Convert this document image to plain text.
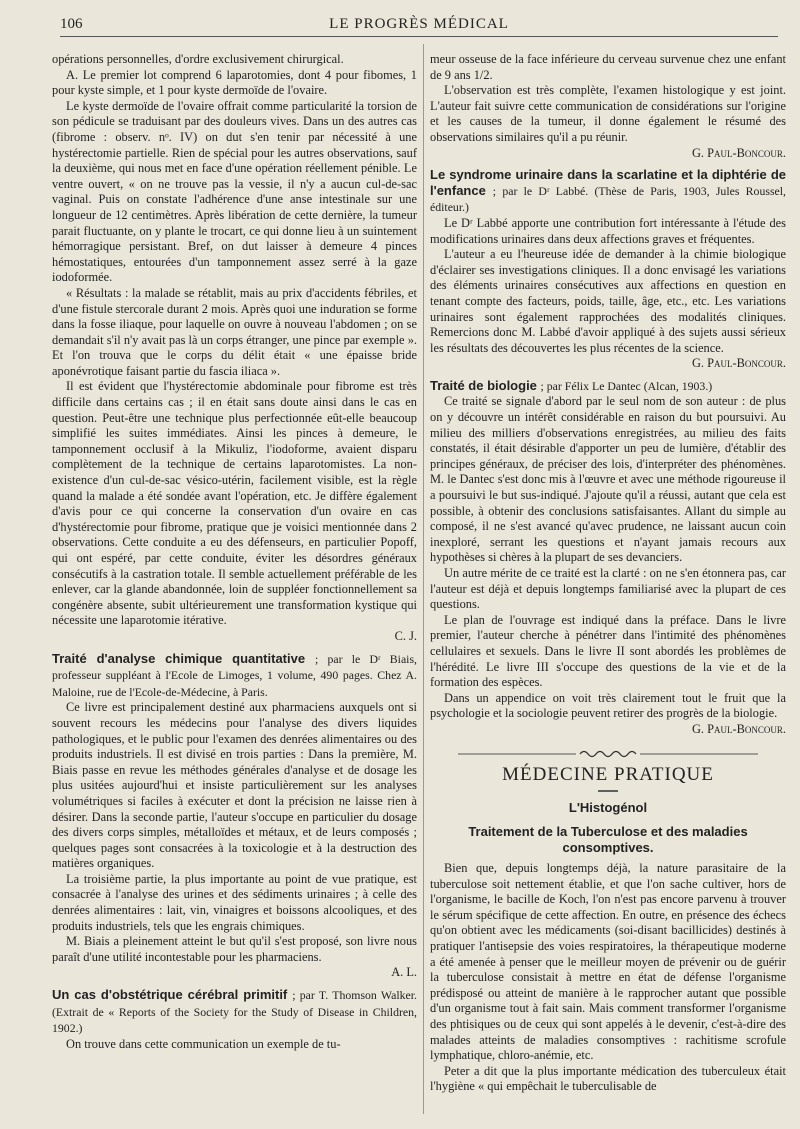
106	LE PROGRÈS MÉDICAL

opérations personnelles, d'ordre exclusivement chirurgical.

A. Le premier lot comprend 6 laparotomies, dont 4 pour fibomes, 1 pour kyste simple, et 1 pour kyste dermoïde de l'ovaire.

Le kyste dermoïde de l'ovaire offrait comme particularité la torsion de son pédicule se traduisant par des douleurs vives. Dans un des autres cas (fibrome : observ. nᵒ. IV) on dut s'en tenir par nécessité à une hystérectomie partielle. Rien de spécial pour les autres observations, sauf la deuxième, qui nous met en face d'une opération réellement pénible. Le ventre ouvert, « on ne trouve pas la vessie, il n'y a aucun cul-de-sac vaginal. Puis on constate l'adhérence d'une anse intestinale sur une longueur de 12 centimètres. Après libération de cette dernière, la tumeur parait fluctuante, on y plante le trocart, ce qui donne lieu à un suintement hémorragique persistant. Bref, on dut laisser à demeure 4 pinces hémostatiques, entourées d'un tamponnement assez serré à la gaze iodoformée.

« Résultats : la malade se rétablit, mais au prix d'accidents fébriles, et d'une fistule stercorale durant 2 mois. Après quoi une induration se forme dans la fosse iliaque, pour laquelle on ouvre à nouveau l'abdomen ; on se demandait s'il n'y avait pas là un corps étranger, une pince par exemple ». Et l'on trouva que le corps du délit était « une épaisse bride aponévrotique faisant partie du fascia iliaca ».

Il est évident que l'hystérectomie abdominale pour fibrome est très difficile dans certains cas ; il en était sans doute ainsi dans le cas en question. Peut-être une technique plus perfectionnée eût-elle beaucoup simplifié les suites immédiates. Ainsi les pinces à demeure, le tamponnement occlusif à la Mikuliz, l'iodoforme, avaient disparu complètement de la technique de certains laparotomistes. La non-existence d'un cul-de-sac vésico-utérin, facilement visible, est la règle quand la malade a été sondée avant l'opération, etc. Je diffère également d'avis pour ce qui concerne la conservation d'un ovaire en cas d'hystérectomie pour fibrome, pratique que je voisici mentionnée dans 2 observations. Cette conduite a eu des défenseurs, en particulier Popoff, qui ont espéré, par cette conduite, éviter les désordres généraux consécutifs à la castration totale. Il semble actuellement préférable de les enlever, car la glande abandonnée, loin de suppléer fonctionnellement sa congénère absente, subit ultérieurement une transformation kystique qui nécessite une laparotomie itérative.

C. J.

Traité d'analyse chimique quantitative ; par le Dʳ Biais, professeur suppléant à l'Ecole de Limoges, 1 volume, 490 pages. Chez A. Maloine, rue de l'Ecole-de-Médecine, à Paris.

Ce livre est principalement destiné aux pharmaciens auxquels ont si souvent recours les médecins pour l'analyse des divers liquides pathologiques, et le public pour l'examen des denrées alimentaires ou des produits industriels. Il est divisé en trois parties : Dans la première, M. Biais passe en revue les méthodes générales d'analyse et de dosage les plus usitées aujourd'hui et insiste particulièrement sur les analyses volumétriques si faciles à exécuter et dont la précision ne laisse rien à désirer. Dans la seconde partie, l'auteur s'occupe en particulier du dosage des divers corps simples, métalloïdes et métaux, et de leurs composés ; quelques pages sont consacrées à la toxicologie et à la destruction des matières organiques.

La troisième partie, la plus importante au point de vue pratique, est consacrée à l'analyse des urines et des sédiments urinaires ; à celle des denrées alimentaires : lait, vin, vinaigres et boissons alcooliques, et des produits industriels, tels que les engrais chimiques.

M. Biais a pleinement atteint le but qu'il s'est proposé, son livre nous paraît d'une utilité incontestable pour les pharmaciens.

A. L.

Un cas d'obstétrique cérébral primitif ; par T. Thomson Walker. (Extrait de « Reports of the Society for the Study of Disease in Children, 1902.)

On trouve dans cette communication un exemple de tu-

meur osseuse de la face inférieure du cerveau survenue chez une enfant de 9 ans 1/2.

L'observation est très complète, l'examen histologique y est joint. L'auteur fait suivre cette communication de considérations sur l'origine et les causes de la tumeur, il donne également le résumé des observations similaires qu'il a pu réunir.

G. Paul-Boncour.

Le syndrome urinaire dans la scarlatine et la diphtérie de l'enfance ; par le Dʳ Labbé. (Thèse de Paris, 1903, Jules Roussel, éditeur.)

Le Dʳ Labbé apporte une contribution fort intéressante à l'étude des modifications urinaires dans deux affections graves et fréquentes.

L'auteur a eu l'heureuse idée de demander à la chimie biologique d'éclairer ses investigations cliniques. Il a donc envisagé les variations des éléments urinaires consécutives aux affections en question en tenant compte des facteurs, poids, taille, âge, etc., etc. Les variations urinaires sont également rapprochées des modalités cliniques. Remercions donc M. Labbé d'avoir appliqué à des sujets aussi sérieux les résultats des découvertes les plus récentes de la science.

G. Paul-Boncour.

Traité de biologie ; par Félix Le Dantec (Alcan, 1903.)

Ce traité se signale d'abord par le seul nom de son auteur : de plus on y découvre un intérêt considérable en raison du but poursuivi. Au milieu des milliers d'observations enregistrées, au milieu des faits constatés, il était désirable d'apporter un peu de lumière, d'établir des principes généraux, de préciser des lois, d'interpréter des phénomènes. M. le Dantec s'est donc mis à l'œuvre et avec une méthode rigoureuse il a poursuivi le but sus-indiqué. J'ajoute qu'il a réussi, autant que cela est possible, à obtenir des conclusions satisfaisantes. Allant du simple au composé, il ne s'est avancé qu'avec prudence, ne laissant aucun coin inexploré, serrant les questions et n'ayant jamais recours aux hypothèses si chères à la plupart de ses devanciers.

Un autre mérite de ce traité est la clarté : on ne s'en étonnera pas, car l'auteur est déjà et depuis longtemps familiarisé avec la plupart de ces questions.

Le plan de l'ouvrage est indiqué dans la préface. Dans le livre premier, l'auteur cherche à pénétrer dans l'intimité des phénomènes cellulaires et sexuels. Dans le livre II sont abordés les problèmes de l'hérédité. Le livre III s'occupe des questions de la vie et de la formation des espèces.

Dans un appendice on voit très clairement tout le fruit que la psychologie et la sociologie peuvent retirer des progrès de la biologie.

G. Paul-Boncour.

MÉDECINE PRATIQUE
L'Histogénol
Traitement de la Tuberculose et des maladies consomptives.

Bien que, depuis longtemps déjà, la nature parasitaire de la tuberculose soit nettement établie, et que l'on sache cultiver, hors de l'organisme, le bacille de Koch, l'on n'est pas encore parvenu à trouver le sérum spécifique de cette affection. En outre, en présence des échecs qu'on obtient avec les médicaments (soi-disant bacillicides) destinés à pratiquer l'antisepsie des voies respiratoires, la thérapeutique moderne a été amenée à penser que le meilleur moyen de prévenir ou de guérir la tuberculose consistait à mettre en état de défense l'organisme prédisposé ou atteint de manière à le rapprocher autant que possible d'un organisme tout à fait sain. Mais comment transformer l'organisme des phtisiques ou de ceux qui sont appelés à le devenir, c'est-à-dire des malades atteints de maladies consomptives : rachitisme scrofule lymphatique, chloro-anémie, etc.

Peter a dit que la plus importante médication des tuberculeux était l'hygiène « qui empêchait le tuberculisable de
